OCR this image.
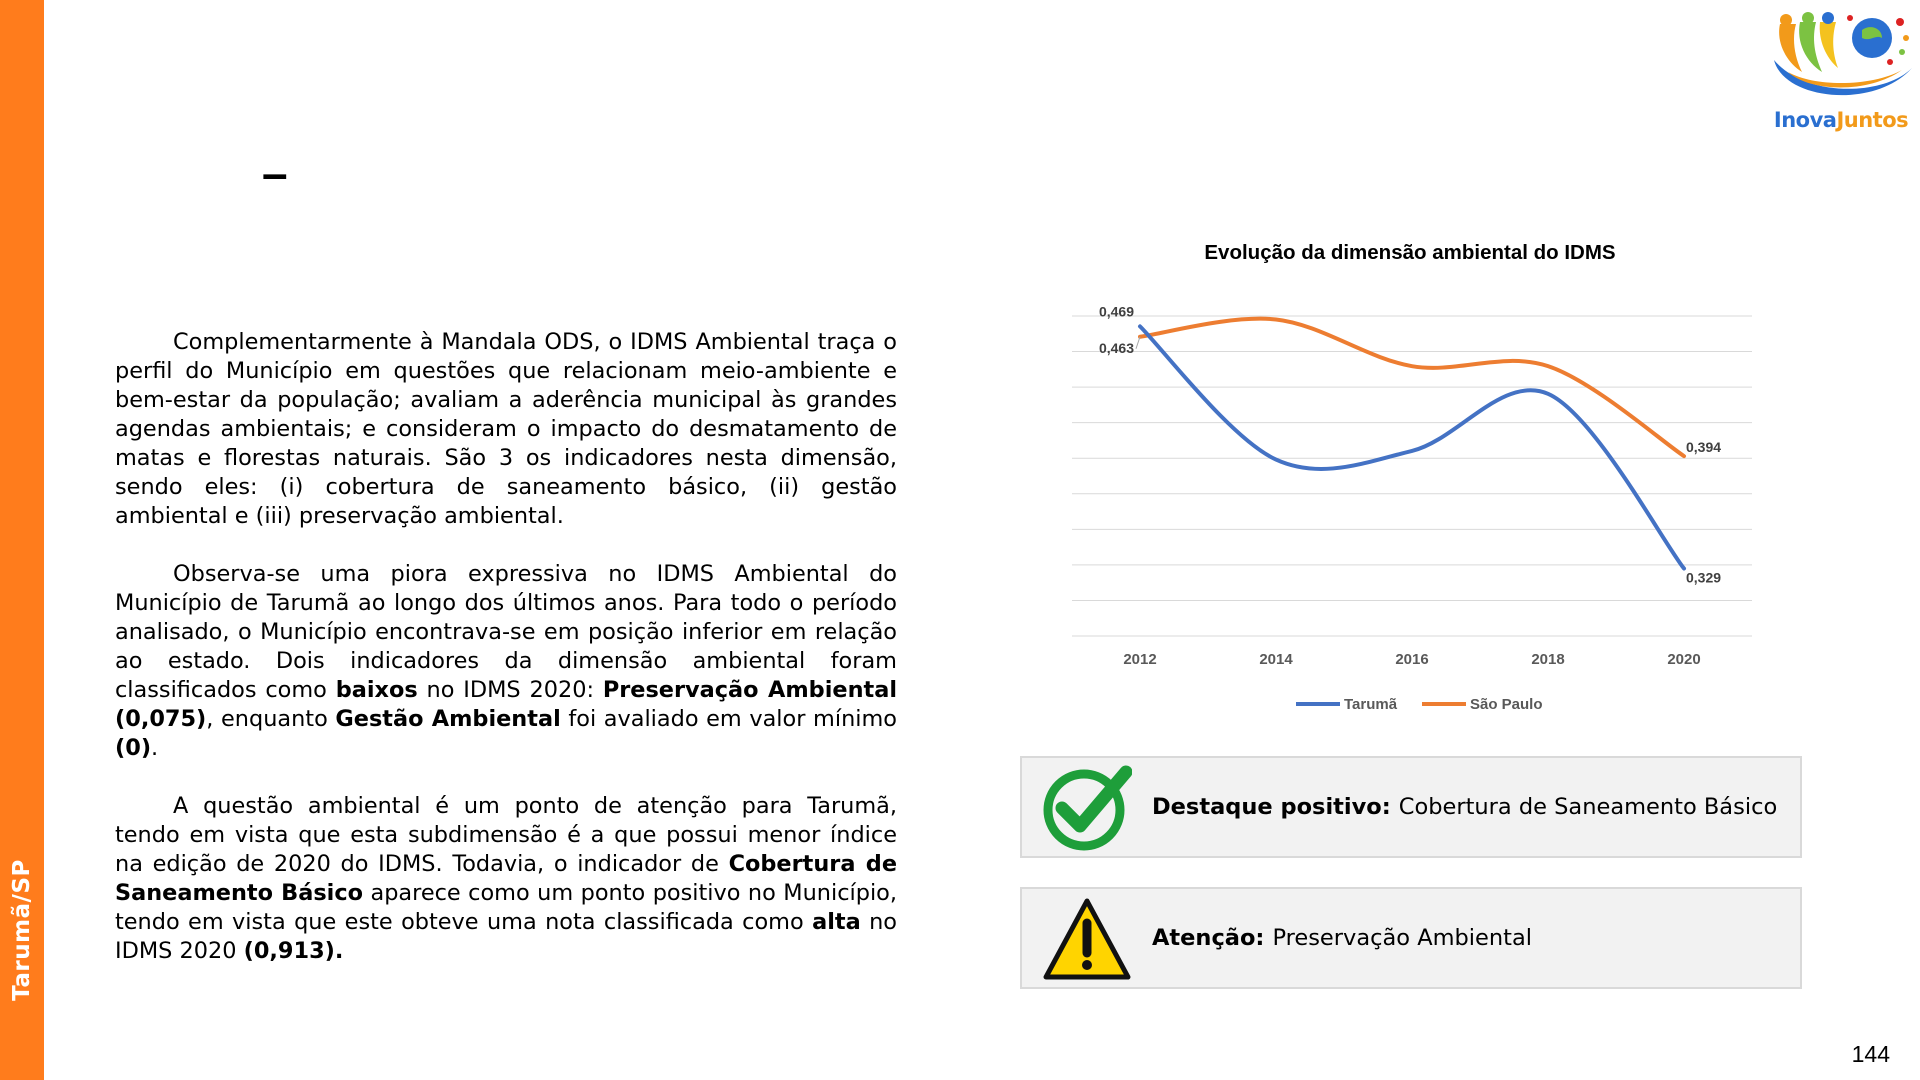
Tarumã/SP
–
InovaJuntos

Complementarmente à Mandala ODS, o IDMS Ambiental traça o perfil do Município em questões que relacionam meio-ambiente e bem-estar da população; avaliam a aderência municipal às grandes agendas ambientais; e consideram o impacto do desmatamento de matas e florestas naturais. São 3 os indicadores nesta dimensão, sendo eles: (i) cobertura de saneamento básico, (ii) gestão ambiental e (iii) preservação ambiental.

Observa-se uma piora expressiva no IDMS Ambiental do Município de Tarumã ao longo dos últimos anos. Para todo o período analisado, o Município encontrava-se em posição inferior em relação ao estado. Dois indicadores da dimensão ambiental foram classificados como baixos no IDMS 2020: Preservação Ambiental (0,075), enquanto Gestão Ambiental foi avaliado em valor mínimo (0).

A questão ambiental é um ponto de atenção para Tarumã, tendo em vista que esta subdimensão é a que possui menor índice na edição de 2020 do IDMS. Todavia, o indicador de Cobertura de Saneamento Básico aparece como um ponto positivo no Município, tendo em vista que este obteve uma nota classificada como alta no IDMS 2020 (0,913).

Evolução da dimensão ambiental do IDMS
2012	2014	2016	2018	2020
0,469
0,329
0,463
0,394
Tarumã	São Paulo
Destaque positivo: Cobertura de Saneamento Básico
Atenção: Preservação Ambiental
144
